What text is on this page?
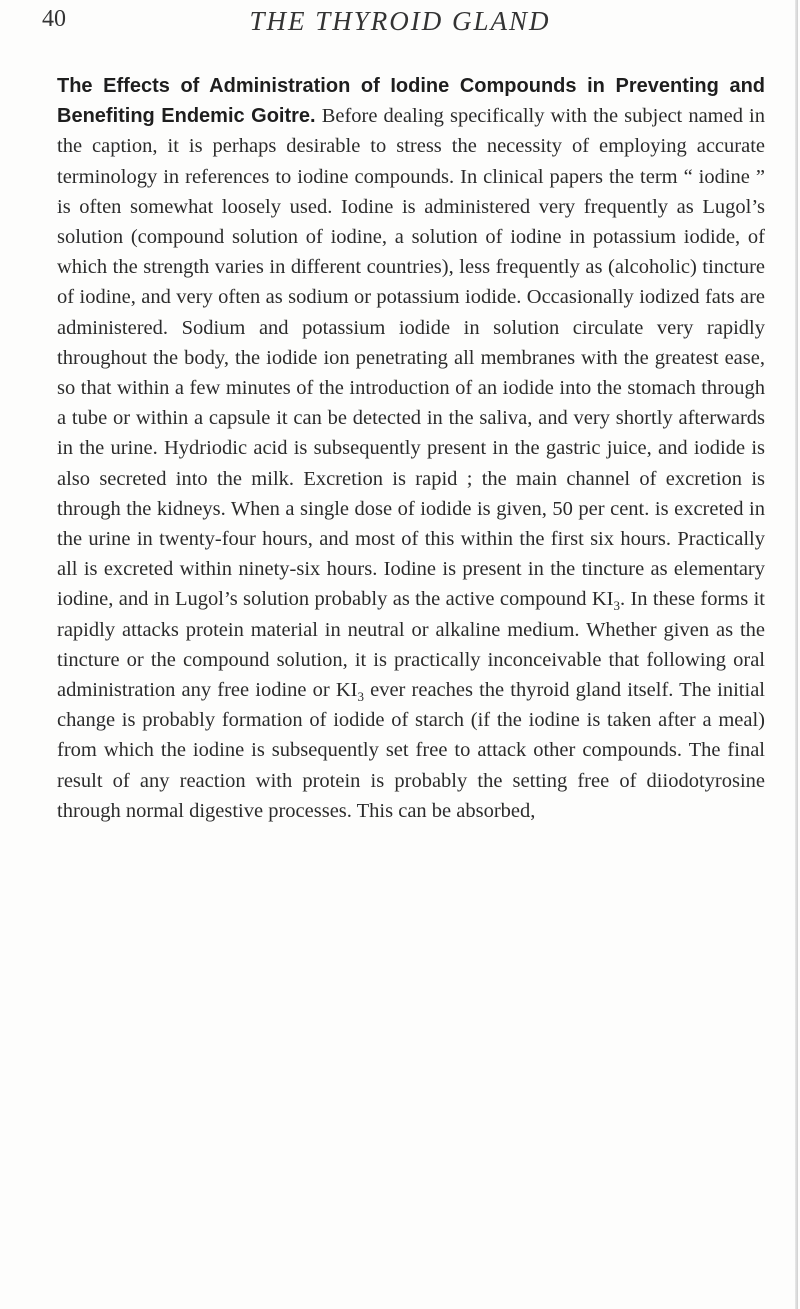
40	THE THYROID GLAND

The Effects of Administration of Iodine Compounds in Preventing and Benefiting Endemic Goitre. Before dealing specifically with the subject named in the caption, it is perhaps desirable to stress the necessity of employing accurate terminology in references to iodine compounds. In clinical papers the term “ iodine ” is often somewhat loosely used. Iodine is administered very frequently as Lugol’s solution (compound solution of iodine, a solution of iodine in potassium iodide, of which the strength varies in different countries), less frequently as (alcoholic) tincture of iodine, and very often as sodium or potassium iodide. Occasionally iodized fats are administered. Sodium and potassium iodide in solution circulate very rapidly throughout the body, the iodide ion penetrating all membranes with the greatest ease, so that within a few minutes of the introduction of an iodide into the stomach through a tube or within a capsule it can be detected in the saliva, and very shortly afterwards in the urine. Hydriodic acid is subsequently present in the gastric juice, and iodide is also secreted into the milk. Excretion is rapid ; the main channel of excretion is through the kidneys. When a single dose of iodide is given, 50 per cent. is excreted in the urine in twenty-four hours, and most of this within the first six hours. Practically all is excreted within ninety-six hours. Iodine is present in the tincture as elementary iodine, and in Lugol’s solution probably as the active compound $KI_3$. In these forms it rapidly attacks protein material in neutral or alkaline medium. Whether given as the tincture or the compound solution, it is practically inconceivable that following oral administration any free iodine or $KI_3$ ever reaches the thyroid gland itself. The initial change is probably formation of iodide of starch (if the iodine is taken after a meal) from which the iodine is subsequently set free to attack other compounds. The final result of any reaction with protein is probably the setting free of diiodotyrosine through normal digestive processes. This can be absorbed,
